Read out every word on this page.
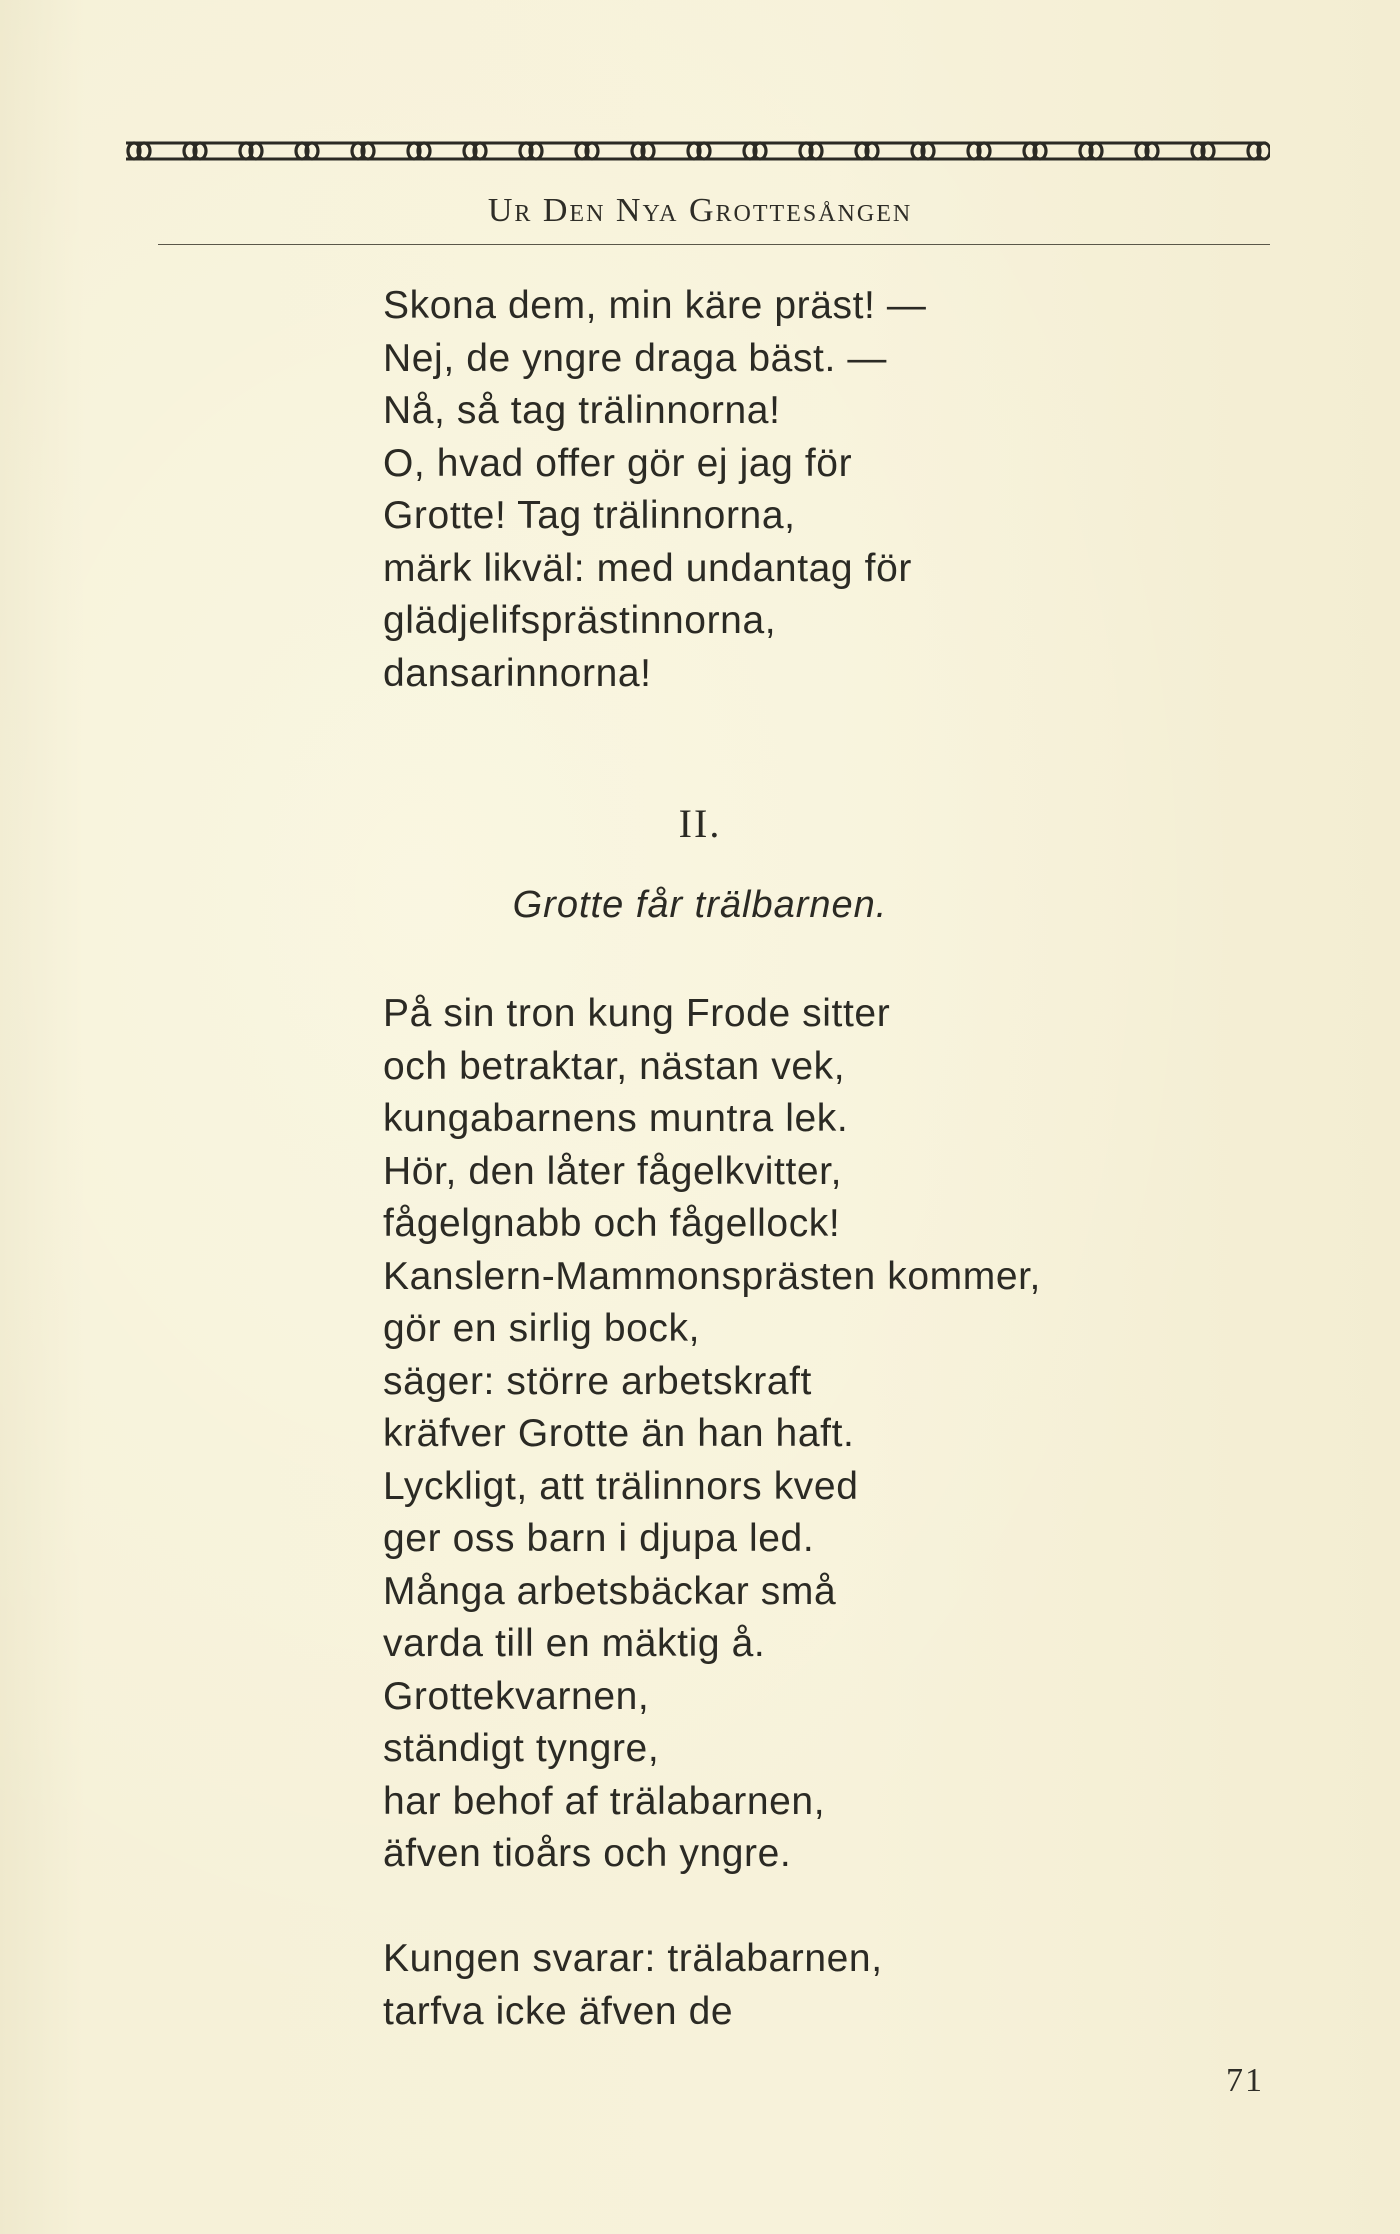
Ur Den Nya Grottesången
Skona dem, min käre präst! —
Nej, de yngre draga bäst. —
Nå, så tag trälinnorna!
O, hvad offer gör ej jag för
Grotte! Tag trälinnorna,
märk likväl: med undantag för
glädjelifsprästinnorna,
dansarinnorna!
II.
Grotte får trälbarnen.
På sin tron kung Frode sitter
och betraktar, nästan vek,
kungabarnens muntra lek.
Hör, den låter fågelkvitter,
fågelgnabb och fågellock!
Kanslern-Mammonsprästen kommer,
gör en sirlig bock,
säger: större arbetskraft
kräfver Grotte än han haft.
Lyckligt, att trälinnors kved
ger oss barn i djupa led.
Många arbetsbäckar små
varda till en mäktig å.
Grottekvarnen,
ständigt tyngre,
har behof af trälabarnen,
äfven tioårs och yngre.
Kungen svarar: trälabarnen,
tarfva icke äfven de
71
